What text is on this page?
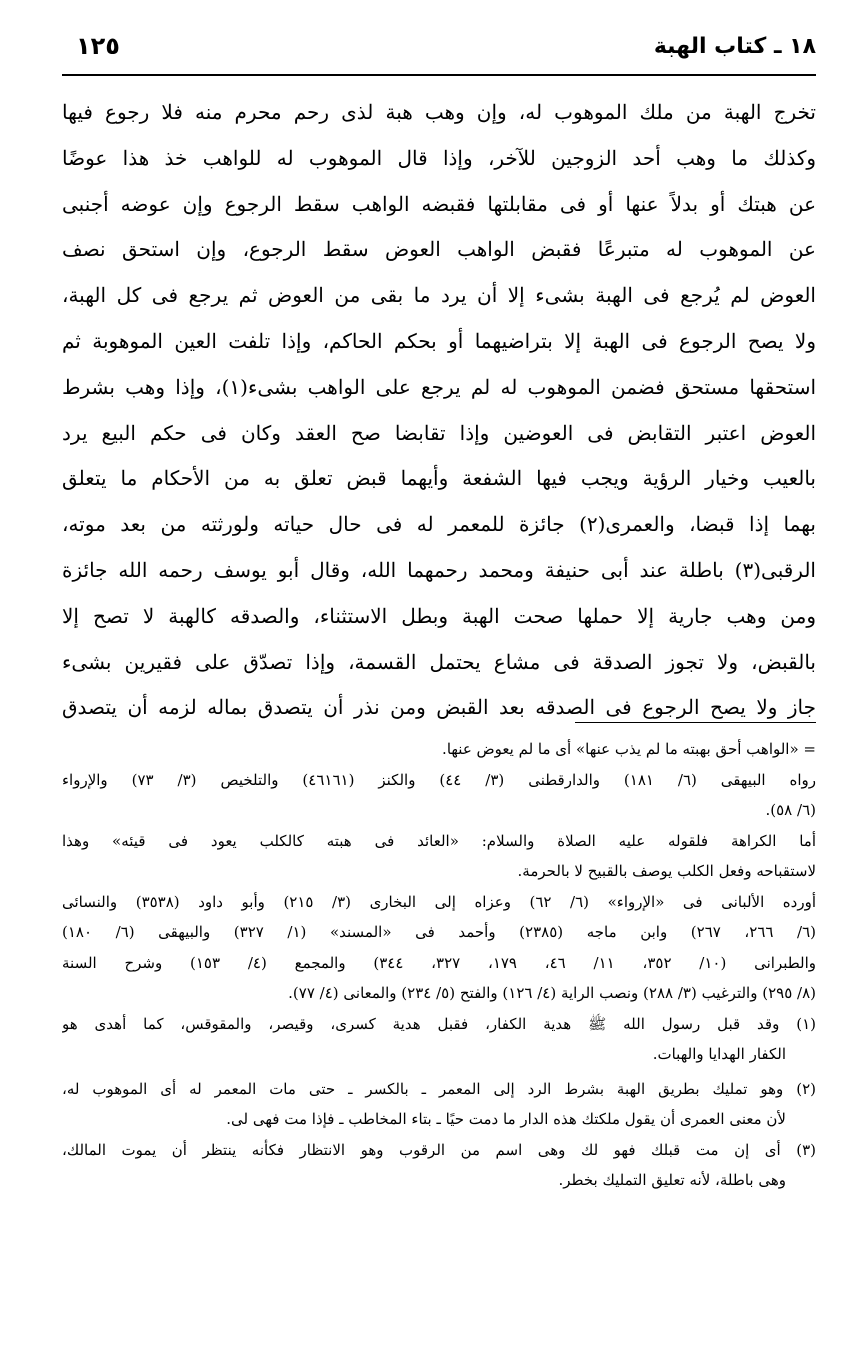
١٨ ـ كتاب الهبة
١٢٥
تخرج الهبة من ملك الموهوب له، وإن وهب هبة لذى رحم محرم منه فلا رجوع فيها
وكذلك ما وهب أحد الزوجين للآخر، وإذا قال الموهوب له للواهب خذ هذا عوضًا
عن هبتك أو بدلاً عنها أو فى مقابلتها فقبضه الواهب سقط الرجوع وإن عوضه أجنبى
عن الموهوب له متبرعًا فقبض الواهب العوض سقط الرجوع، وإن استحق نصف
العوض لم يُرجع فى الهبة بشىء إلا أن يرد ما بقى من العوض ثم يرجع فى كل الهبة،
ولا يصح الرجوع فى الهبة إلا بتراضيهما أو بحكم الحاكم، وإذا تلفت العين الموهوبة ثم
استحقها مستحق فضمن الموهوب له لم يرجع على الواهب بشىء(١)، وإذا وهب بشرط
العوض اعتبر التقابض فى العوضين وإذا تقابضا صح العقد وكان فى حكم البيع يرد
بالعيب وخيار الرؤية ويجب فيها الشفعة وأيهما قبض تعلق به من الأحكام ما يتعلق
بهما إذا قبضا، والعمرى(٢) جائزة للمعمر له فى حال حياته ولورثته من بعد موته،
الرقبى(٣) باطلة عند أبى حنيفة ومحمد رحمهما الله، وقال أبو يوسف رحمه الله جائزة
ومن وهب جارية إلا حملها صحت الهبة وبطل الاستثناء، والصدقه كالهبة لا تصح إلا
بالقبض، ولا تجوز الصدقة فى مشاع يحتمل القسمة، وإذا تصدّق على فقيرين بشىء
جاز ولا يصح الرجوع فى الصدقه بعد القبض ومن نذر أن يتصدق بماله لزمه أن يتصدق
= «الواهب أحق بهبته ما لم يذب عنها» أى ما لم يعوض عنها.
رواه البيهقى (٦/ ١٨١) والدارقطنى (٣/ ٤٤) والكنز (٤٦١٦١) والتلخيص (٣/ ٧٣) والإرواء
(٦/ ٥٨).
أما الكراهة فلقوله عليه الصلاة والسلام: «العائد فى هبته كالكلب يعود فى قيئه» وهذا
لاستقباحه وفعل الكلب يوصف بالقبيح لا بالحرمة.
أورده الألبانى فى «الإرواء» (٦/ ٦٢) وعزاه إلى البخارى (٣/ ٢١٥) وأبو داود (٣٥٣٨) والنسائى
(٦/ ٢٦٦، ٢٦٧) وابن ماجه (٢٣٨٥) وأحمد فى «المسند» (١/ ٣٢٧) والبيهقى (٦/ ١٨٠)
والطبرانى (١٠/ ٣٥٢، ١١/ ٤٦، ١٧٩، ٣٢٧، ٣٤٤) والمجمع (٤/ ١٥٣) وشرح السنة
(٨/ ٢٩٥) والترغيب (٣/ ٢٨٨) ونصب الراية (٤/ ١٢٦) والفتح (٥/ ٢٣٤) والمعانى (٤/ ٧٧).
(١) وقد قبل رسول الله ﷺ هدية الكفار، فقبل هدية كسرى، وقيصر، والمقوقس، كما أهدى هو
الكفار الهدايا والهبات.
(٢) وهو تمليك بطريق الهبة بشرط الرد إلى المعمر ـ بالكسر ـ حتى مات المعمر له أى الموهوب له،
لأن معنى العمرى أن يقول ملكتك هذه الدار ما دمت حيًا ـ بتاء المخاطب ـ فإذا مت فهى لى.
(٣) أى إن مت قبلك فهو لك وهى اسم من الرقوب وهو الانتظار فكأنه ينتظر أن يموت المالك،
وهى باطلة، لأنه تعليق التمليك بخطر.
